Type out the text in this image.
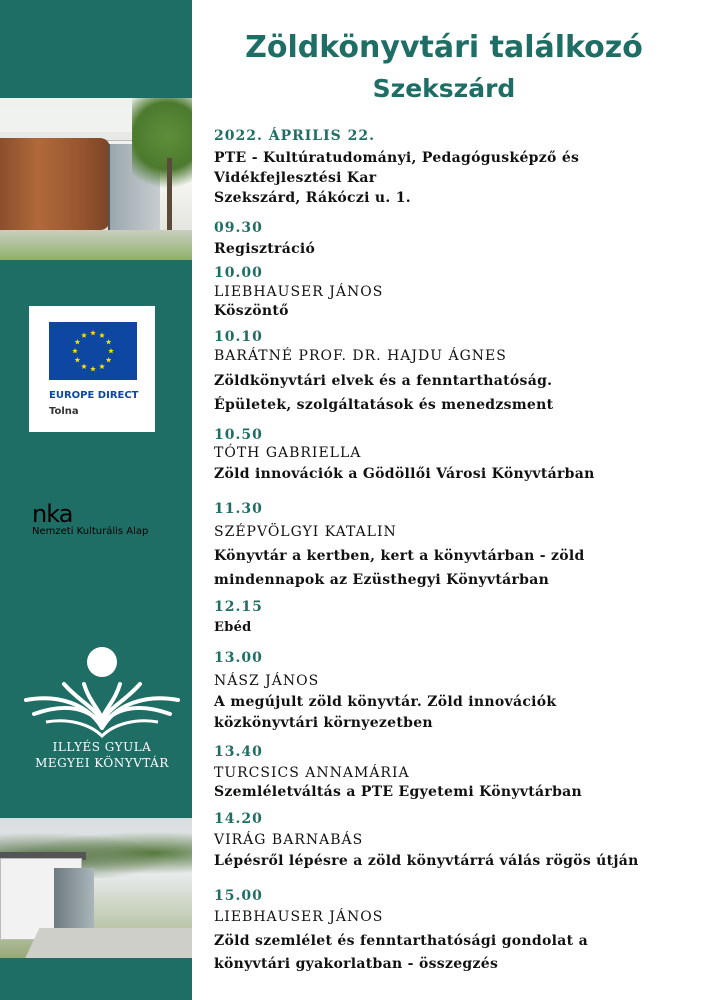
EUROPE DIRECT
Tolna
nka
Nemzeti Kulturális Alap
ILLYÉS GYULA
MEGYEI KÖNYVTÁR
Zöldkönyvtári találkozó
Szekszárd
2022. ÁPRILIS 22.
PTE - Kultúratudományi, Pedagógusképző és
Vidékfejlesztési Kar
Szekszárd, Rákóczi u. 1.
09.30
Regisztráció
10.00
LIEBHAUSER JÁNOS
Köszöntő
10.10
BARÁTNÉ PROF. DR. HAJDU ÁGNES
Zöldkönyvtári elvek és a fenntarthatóság.
Épületek, szolgáltatások és menedzsment
10.50
TÓTH GABRIELLA
Zöld innovációk a Gödöllői Városi Könyvtárban
11.30
SZÉPVÖLGYI KATALIN
Könyvtár a kertben, kert a könyvtárban - zöld
mindennapok az Ezüsthegyi Könyvtárban
12.15
Ebéd
13.00
NÁSZ JÁNOS
A megújult zöld könyvtár. Zöld innovációk
közkönyvtári környezetben
13.40
TURCSICS ANNAMÁRIA
Szemléletváltás a PTE Egyetemi Könyvtárban
14.20
VIRÁG BARNABÁS
Lépésről lépésre a zöld könyvtárrá válás rögös útján
15.00
LIEBHAUSER JÁNOS
Zöld szemlélet és fenntarthatósági gondolat a
könyvtári gyakorlatban - összegzés
